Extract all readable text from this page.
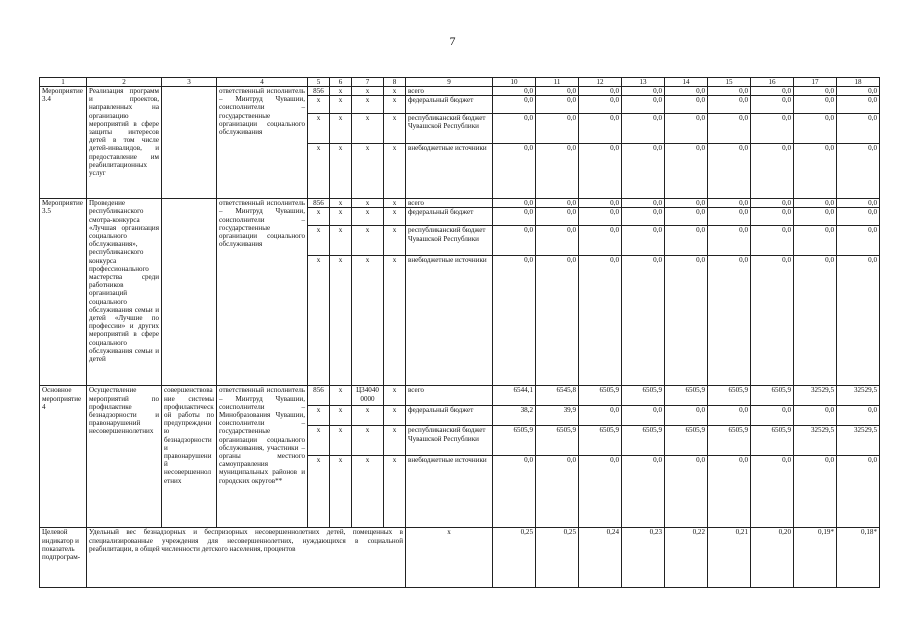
7
1	2	3	4	5	6	7	8	9	10	11	12	13	14	15	16	17	18
Мероприятие 3.4	Реализация программ и проектов, направленных на организацию мероприятий в сфере защиты интересов детей в том числе детей-инвалидов, и предоставление им реабилитационных услуг		ответственный исполнитель – Минтруд Чувашии, соисполнители – государственные организации социального обслуживания	856	x	x	x	всего	0,0	0,0	0,0	0,0	0,0	0,0	0,0	0,0	0,0
				x	x	x	x	федеральный бюджет	0,0	0,0	0,0	0,0	0,0	0,0	0,0	0,0	0,0
				x	x	x	x	республиканский бюджет Чувашской Республики	0,0	0,0	0,0	0,0	0,0	0,0	0,0	0,0	0,0
				x	x	x	x	внебюджетные источники	0,0	0,0	0,0	0,0	0,0	0,0	0,0	0,0	0,0
Мероприятие 3.5	Проведение республиканского смотра-конкурса «Лучшая организация социального обслуживания», республиканского конкурса профессионального мастерства среди работников организаций социального обслуживания семьи и детей «Лучшие по профессии» и других мероприятий в сфере социального обслуживания семьи и детей		ответственный исполнитель – Минтруд Чувашии, соисполнители – государственные организации социального обслуживания	856	x	x	x	всего	0,0	0,0	0,0	0,0	0,0	0,0	0,0	0,0	0,0
				x	x	x	x	федеральный бюджет	0,0	0,0	0,0	0,0	0,0	0,0	0,0	0,0	0,0
				x	x	x	x	республиканский бюджет Чувашской Республики	0,0	0,0	0,0	0,0	0,0	0,0	0,0	0,0	0,0
				x	x	x	x	внебюджетные источники	0,0	0,0	0,0	0,0	0,0	0,0	0,0	0,0	0,0
Основное мероприятие 4	Осуществление мероприятий по профилактике безнадзорности и правонарушений несовершеннолетних	совершенствование системы профилактической работы по предупреждению безнадзорности и правонарушений несовершеннолетних	ответственный исполнитель – Минтруд Чувашии, соисполнители – Минобразования Чувашии, соисполнители – государственные организации социального обслуживания, участники – органы местного самоуправления муниципальных районов и городских округов**	856	x	Ц34040 0000	x	всего	6544,1	6545,8	6505,9	6505,9	6505,9	6505,9	6505,9	32529,5	32529,5
				x	x	x	x	федеральный бюджет	38,2	39,9	0,0	0,0	0,0	0,0	0,0	0,0	0,0
				x	x	x	x	республиканский бюджет Чувашской Республики	6505,9	6505,9	6505,9	6505,9	6505,9	6505,9	6505,9	32529,5	32529,5
				x	x	x	x	внебюджетные источники	0,0	0,0	0,0	0,0	0,0	0,0	0,0	0,0	0,0
Целевой индикатор и показатель подпрограм-	Удельный вес безнадзорных и беспризорных несовершеннолетних детей, помещенных в специализированные учреждения для несовершеннолетних, нуждающихся в социальной реабилитации, в общей численности детского населения, процентов							x	0,25	0,25	0,24	0,23	0,22	0,21	0,20	0,19*	0,18*
